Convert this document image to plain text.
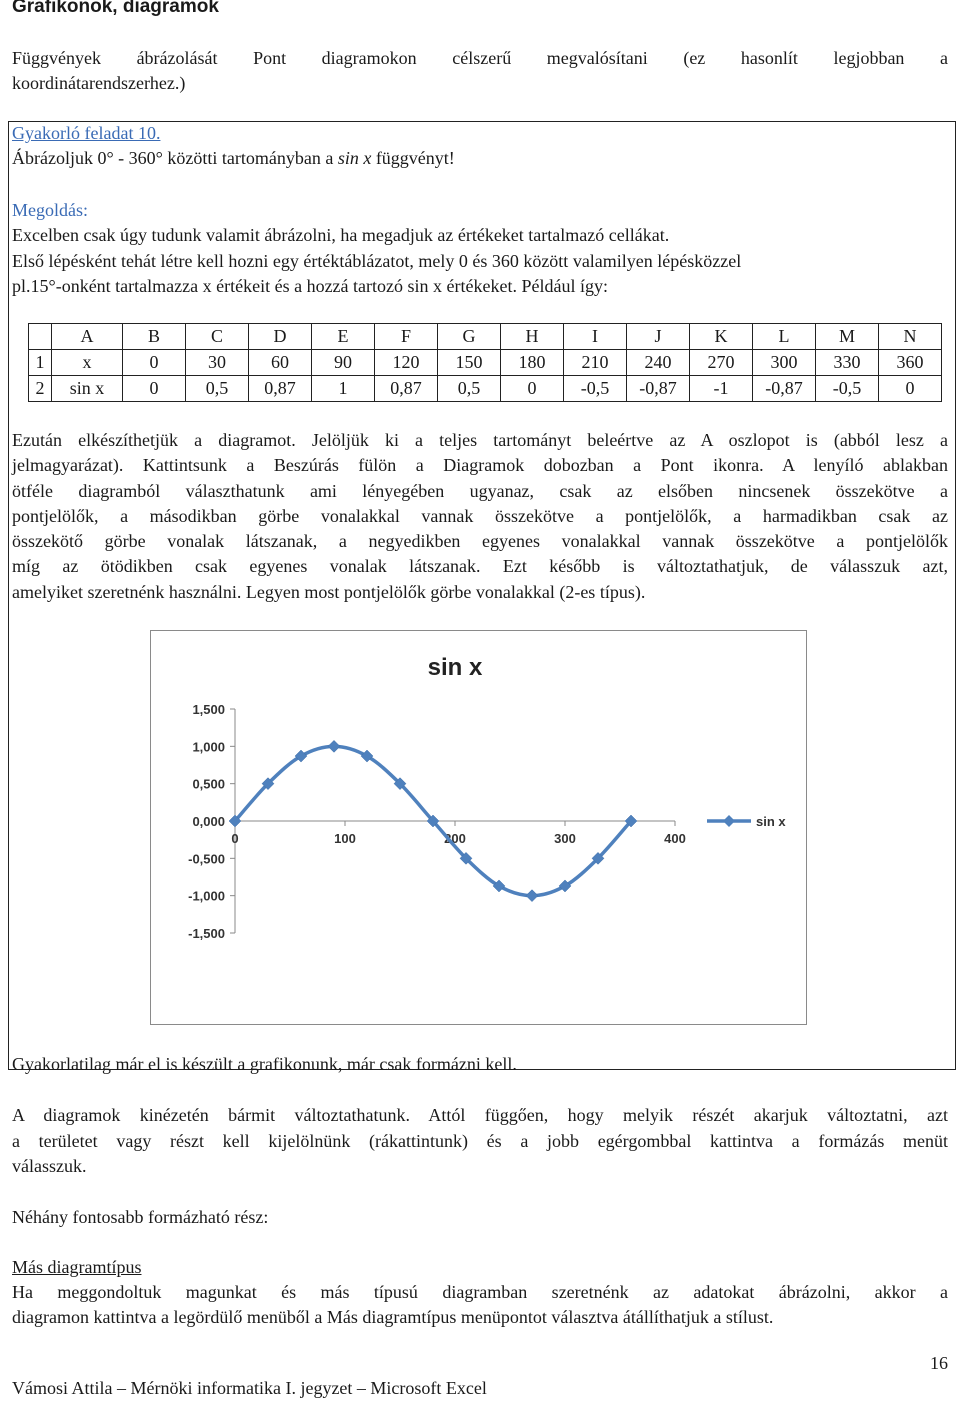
Grafikonok, diagramok

Függvények ábrázolását Pont diagramokon célszerű megvalósítani (ez hasonlít legjobban a

koordinátarendszerhez.)

Gyakorló feladat 10.

Ábrázoljuk 0° - 360° közötti tartományban a sin x függvényt!

Megoldás:

Excelben csak úgy tudunk valamit ábrázolni, ha megadjuk az értékeket tartalmazó cellákat.

Első lépésként tehát létre kell hozni egy értéktáblázatot, mely 0 és 360 között valamilyen lépésközzel

pl.15°-onként tartalmazza x értékeit és a hozzá tartozó sin x értékeket. Például így:

	A	B	C	D	E	F	G	H	I	J	K	L	M	N
1	x	0	30	60	90	120	150	180	210	240	270	300	330	360
2	sin x	0	0,5	0,87	1	0,87	0,5	0	-0,5	-0,87	-1	-0,87	-0,5	0

Ezután elkészíthetjük a diagramot. Jelöljük ki a teljes tartományt beleértve az A oszlopot is (abból lesz a

jelmagyarázat). Kattintsunk a Beszúrás fülön a Diagramok dobozban a Pont ikonra. A lenyíló ablakban

ötféle diagramból választhatunk ami lényegében ugyanaz, csak az elsőben nincsenek összekötve a

pontjelölők, a másodikban görbe vonalakkal vannak összekötve a pontjelölők, a harmadikban csak az

összekötő görbe vonalak látszanak, a negyedikben egyenes vonalakkal vannak összekötve a pontjelölők

míg az ötödikben csak egyenes vonalak látszanak. Ezt később is változtathatjuk, de válasszuk azt,

amelyiket szeretnénk használni. Legyen most pontjelölők görbe vonalakkal (2-es típus).

sin x
1,500
1,000
0,500
0,000
-0,500
-1,000
-1,500
0	100	200	300	400
sin x

Gyakorlatilag már el is készült a grafikonunk, már csak formázni kell.

A diagramok kinézetén bármit változtathatunk. Attól függően, hogy melyik részét akarjuk változtatni, azt

a területet vagy részt kell kijelölnünk (rákattintunk) és a jobb egérgombbal kattintva a formázás menüt

válasszuk.

Néhány fontosabb formázható rész:

Más diagramtípus

Ha meggondoltuk magunkat és más típusú diagramban szeretnénk az adatokat ábrázolni, akkor a

diagramon kattintva a legördülő menüből a Más diagramtípus menüpontot választva átállíthatjuk a stílust.

16

Vámosi Attila – Mérnöki informatika I. jegyzet – Microsoft Excel
